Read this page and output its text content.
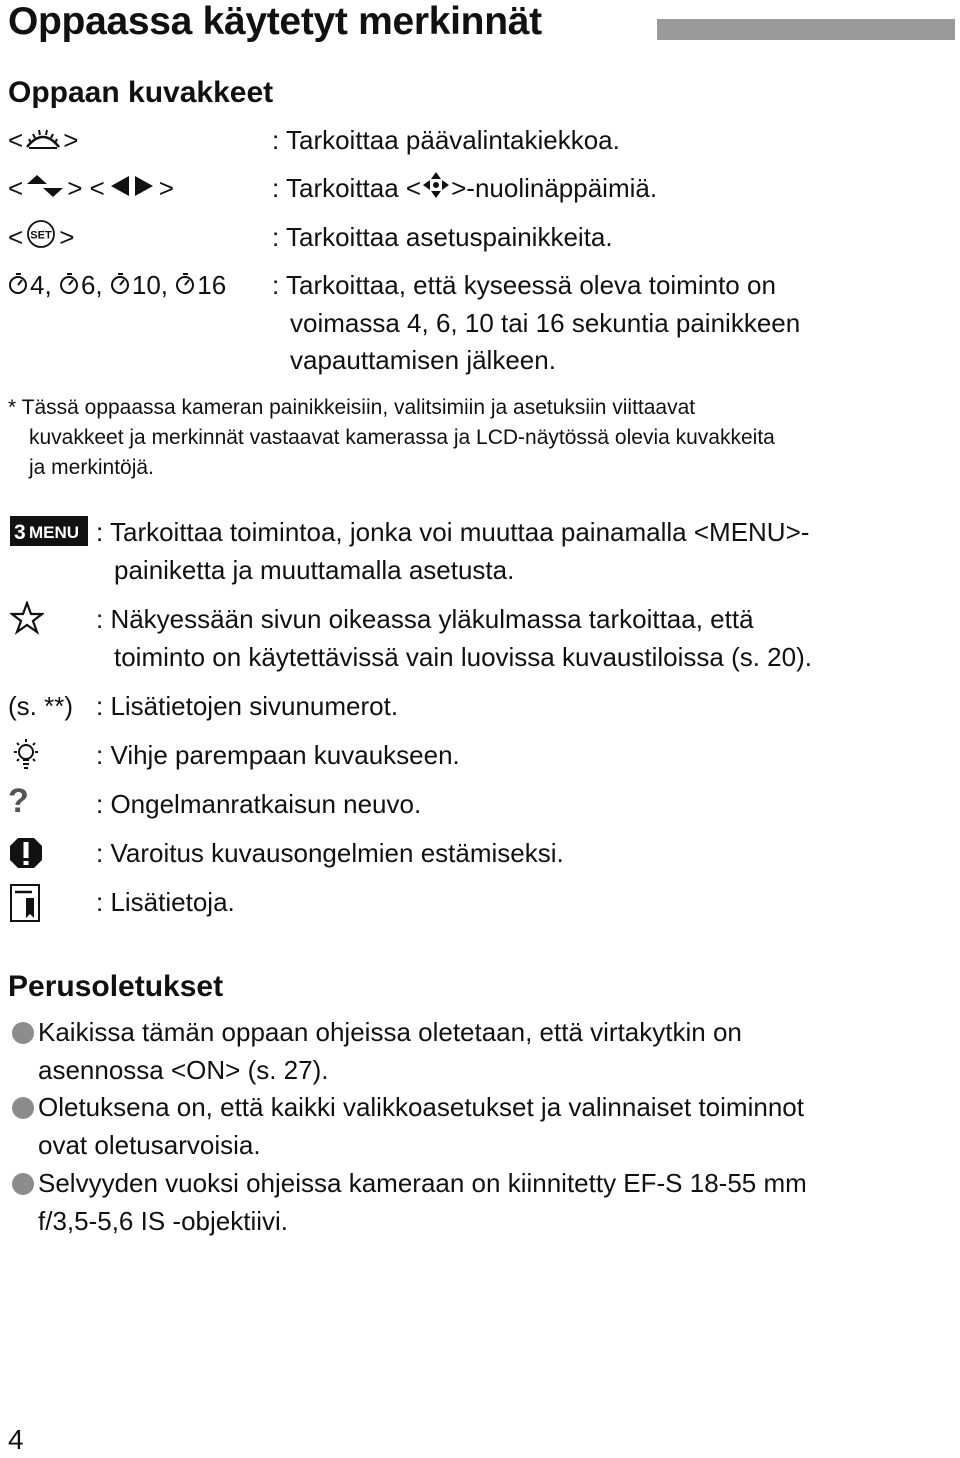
Oppaassa käytetyt merkinnät
Oppaan kuvakkeet
< >	: Tarkoittaa päävalintakiekkoa.
< > < >	: Tarkoittaa < >-nuolinäppäimiä.
< SET >	: Tarkoittaa asetuspainikkeita.
4, 6, 10, 16 : Tarkoittaa, että kyseessä oleva toiminto on
voimassa 4, 6, 10 tai 16 sekuntia painikkeen
vapauttamisen jälkeen.
* Tässä oppaassa kameran painikkeisiin, valitsimiin ja asetuksiin viittaavat
kuvakkeet ja merkinnät vastaavat kamerassa ja LCD-näytössä olevia kuvakkeita
ja merkintöjä.
3 MENU : Tarkoittaa toimintoa, jonka voi muuttaa painamalla <MENU>-
painiketta ja muuttamalla asetusta.
: Näkyessään sivun oikeassa yläkulmassa tarkoittaa, että
toiminto on käytettävissä vain luovissa kuvaustiloissa (s. 20).
(s. **) : Lisätietojen sivunumerot.
: Vihje parempaan kuvaukseen.
?	: Ongelmanratkaisun neuvo.
: Varoitus kuvausongelmien estämiseksi.
: Lisätietoja.
Perusoletukset
Kaikissa tämän oppaan ohjeissa oletetaan, että virtakytkin on
asennossa <ON> (s. 27).
Oletuksena on, että kaikki valikkoasetukset ja valinnaiset toiminnot
ovat oletusarvoisia.
Selvyyden vuoksi ohjeissa kameraan on kiinnitetty EF-S 18-55 mm
f/3,5-5,6 IS -objektiivi.
4
